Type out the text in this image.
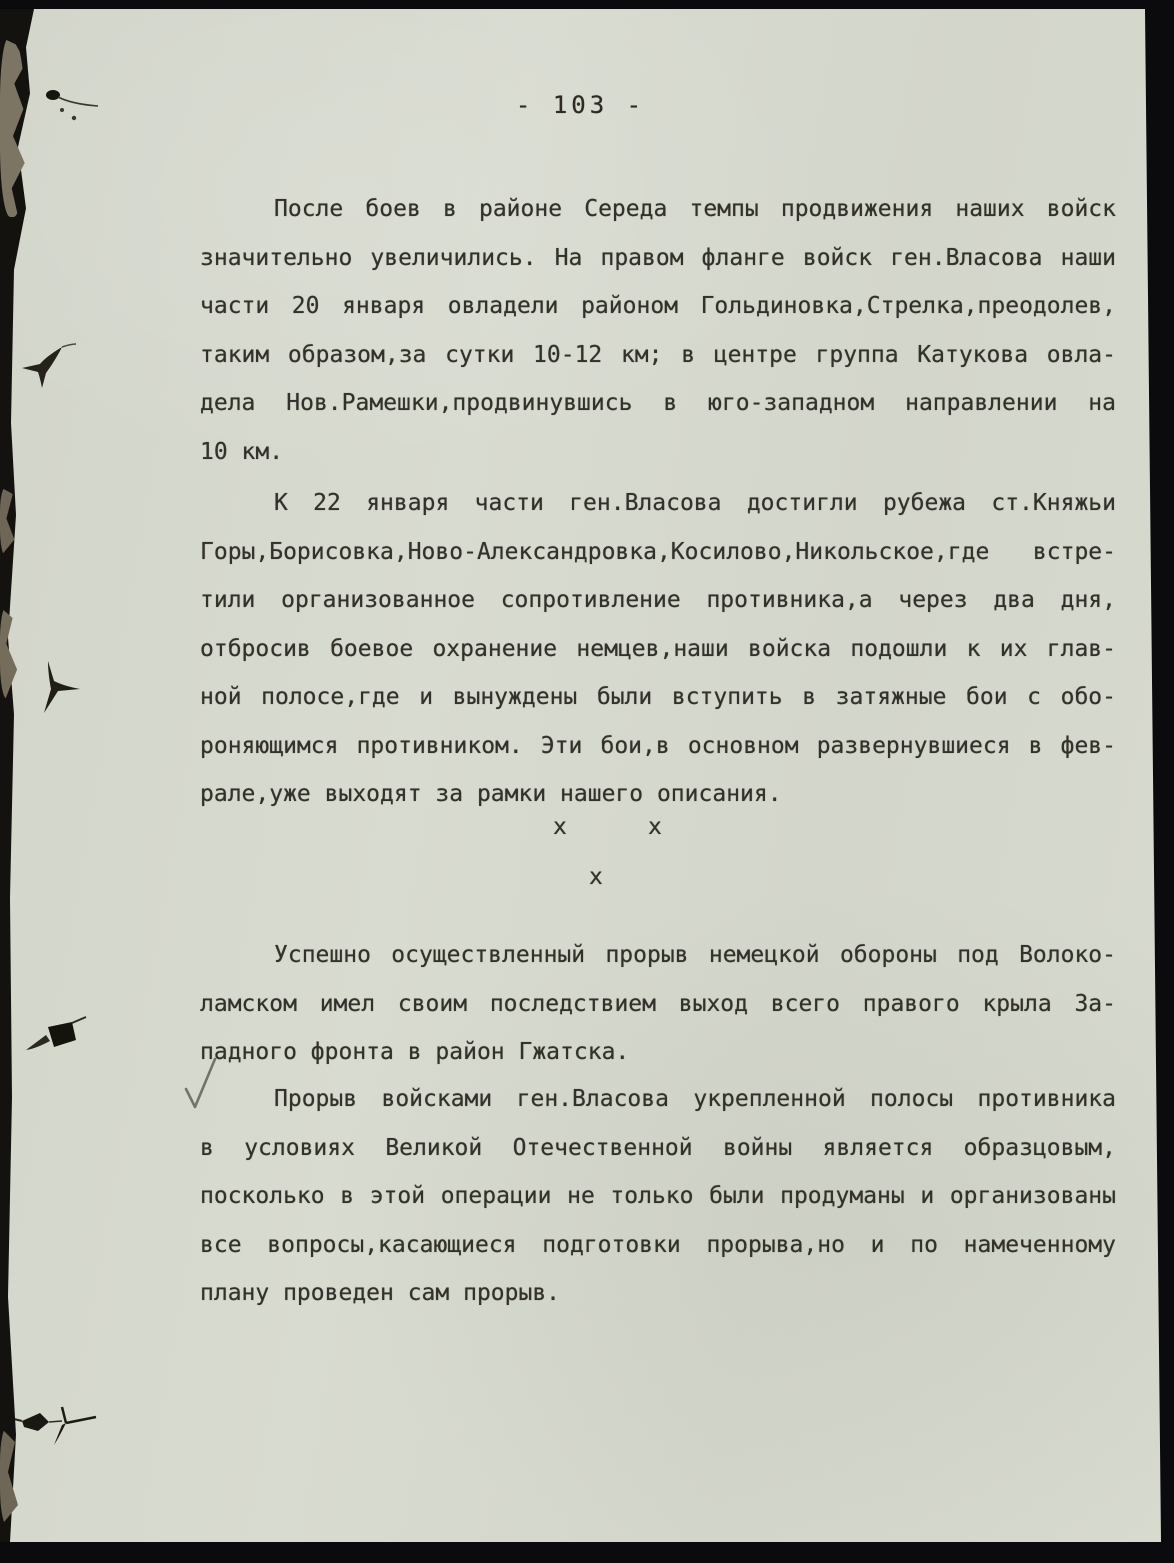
- 103 -
После боев в районе Середа темпы продвижения наших войск
значительно увеличились. На правом фланге войск ген.Власова наши
части 20 января овладели районом Гольдиновка,Стрелка,преодолев,
таким образом,за сутки 10-12 км; в центре группа Катукова овла-
дела Нов.Рамешки,продвинувшись в юго-западном направлении на
10 км.
К 22 января части ген.Власова достигли рубежа ст.Княжьи
Горы,Борисовка,Ново-Александровка,Косилово,Никольское,где встре-
тили организованное сопротивление противника,а через два дня,
отбросив боевое охранение немцев,наши войска подошли к их глав-
ной полосе,где и вынуждены были вступить в затяжные бои с обо-
роняющимся противником. Эти бои,в основном развернувшиеся в фев-
рале,уже выходят за рамки нашего описания.
х	х
х
Успешно осуществленный прорыв немецкой обороны под Волоко-
ламском имел своим последствием выход всего правого крыла За-
падного фронта в район Гжатска.
Прорыв войсками ген.Власова укрепленной полосы противника
в условиях Великой Отечественной войны является образцовым,
посколько в этой операции не только были продуманы и организованы
все вопросы,касающиеся подготовки прорыва,но и по намеченному
плану проведен сам прорыв.
